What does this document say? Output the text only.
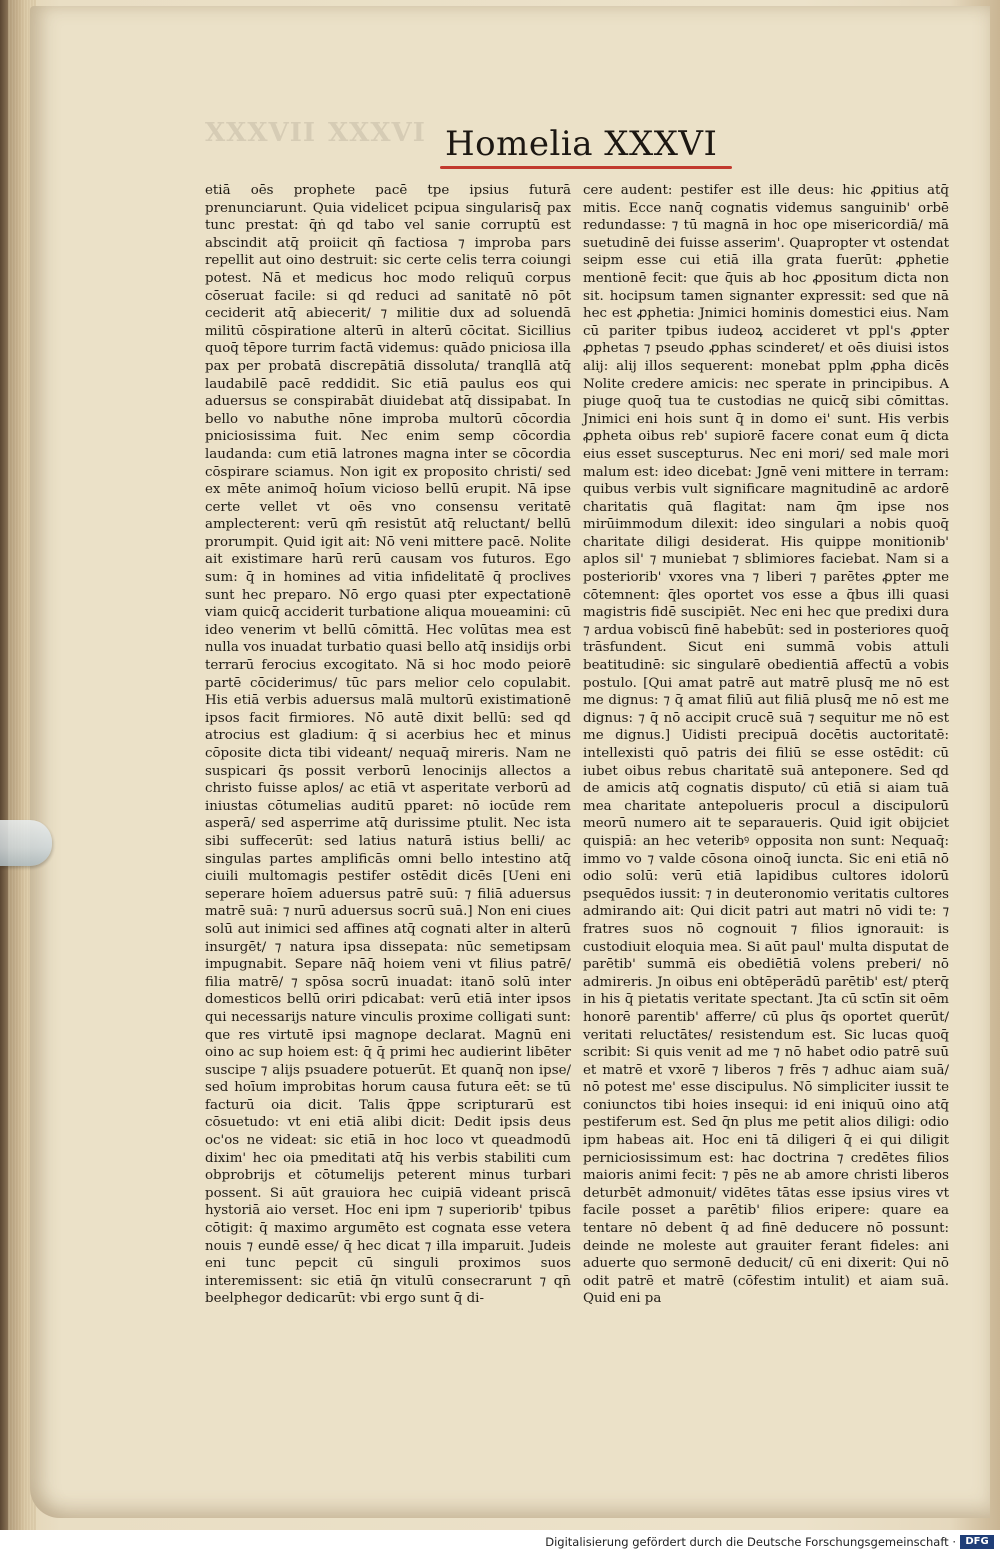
XXXVII XXXVI Homelia XXXVI

etiā oēs prophete pacē tpe ipsius futurā prenunciarunt. Quia videlicet pcipua singularisq̄ pax tunc prestat: q̄ṅ qd tabo vel sanie corruptū est abscindit atq̄ proiicit qn̄ factiosa ⁊ improba pars repellit aut oino destruit: sic certe celis terra coiungi potest. Nā et medicus hoc modo reliquū corpus cōseruat facile: si qd reduci ad sanitatē nō pōt ceciderit atq̄ abiecerit/ ⁊ militie dux ad soluendā militū cōspiratione alterū in alterū cōcitat. Sicillius quoq̄ tēpore turrim factā videmus: quādo pniciosa illa pax per probatā discrepātiā dissoluta/ tranqllā atq̄ laudabilē pacē reddidit. Sic etiā paulus eos qui aduersus se conspirabāt diuidebat atq̄ dissipabat. In bello vo nabuthe nōne improba multorū cōcordia pniciosissima fuit. Nec enim semp cōcordia laudanda: cum etiā latrones magna inter se cōcordia cōspirare sciamus. Non igit ex proposito christi/ sed ex mēte animoq̄ hoīum vicioso bellū erupit. Nā ipse certe vellet vt oēs vno consensu veritatē amplecterent: verū qm̄ resistūt atq̄ reluctant/ bellū prorumpit. Quid igit ait: Nō veni mittere pacē. Nolite ait existimare harū rerū causam vos futuros. Ego sum: q̄ in homines ad vitia infidelitatē q̄ proclives sunt hec preparo. Nō ergo quasi pter expectationē viam quicq̄ acciderit turbatione aliqua moueamini: cū ideo venerim vt bellū cōmittā. Hec volūtas mea est nulla vos inuadat turbatio quasi bello atq̄ insidijs orbi terrarū ferocius excogitato. Nā si hoc modo peiorē partē cōciderimus/ tūc pars melior celo copulabit. His etiā verbis aduersus malā multorū existimationē ipsos facit firmiores. Nō autē dixit bellū: sed qd atrocius est gladium: q̄ si acerbius hec et minus cōposite dicta tibi videant/ nequaq̄ mireris. Nam ne suspicari q̄s possit verborū lenocinijs allectos a christo fuisse aplos/ ac etiā vt asperitate verborū ad iniustas cōtumelias auditū pparet: nō iocūde rem asperā/ sed asperrime atq̄ durissime ptulit. Nec ista sibi suffecerūt: sed latius naturā istius belli/ ac singulas partes amplificās omni bello intestino atq̄ ciuili multomagis pestifer ostēdit dicēs [Ueni eni seperare hoīem aduersus patrē suū: ⁊ filiā aduersus matrē suā: ⁊ nurū aduersus socrū suā.] Non eni ciues solū aut inimici sed affines atq̄ cognati alter in alterū insurgēt/ ⁊ natura ipsa dissepata: nūc semetipsam impugnabit. Separe nāq̄ hoiem veni vt filius patrē/ filia matrē/ ⁊ spōsa socrū inuadat: itanō solū inter domesticos bellū oriri pdicabat: verū etiā inter ipsos qui necessarijs nature vinculis proxime colligati sunt: que res virtutē ipsi magnope declarat. Magnū eni oino ac sup hoiem est: q̄ q̄ primi hec audierint libēter suscipe ⁊ alijs psuadere potuerūt. Et quanq̄ non ipse/ sed hoīum improbitas horum causa futura eēt: se tū facturū oia dicit. Talis q̄ppe scripturarū est cōsuetudo: vt eni etiā alibi dicit: Dedit ipsis deus oc'os ne videat: sic etiā in hoc loco vt queadmodū dixim' hec oia pmeditati atq̄ his verbis stabiliti cum obprobrijs et cōtumelijs peterent minus turbari possent. Si aūt grauiora hec cuipiā videant priscā hystoriā aio verset. Hoc eni ipm ⁊ superiorib' tpibus cōtigit: q̄ maximo argumēto est cognata esse vetera nouis ⁊ eundē esse/ q̄ hec dicat ⁊ illa imparuit. Judeis eni tunc pepcit cū singuli proximos suos interemissent: sic etiā q̄n vitulū consecrarunt ⁊ qn̄ beelphegor dedicarūt: vbi ergo sunt q̄ di-

cere audent: pestifer est ille deus: hic ꝓpitius atq̄ mitis. Ecce nanq̄ cognatis videmus sanguinib' orbē redundasse: ⁊ tū magnā in hoc ope misericordiā/ mā suetudinē dei fuisse asserim'. Quapropter vt ostendat seipm esse cui etiā illa grata fuerūt: ꝓphetie mentionē fecit: que q̄uis ab hoc ꝓpositum dicta non sit. hocipsum tamen signanter expressit: sed que nā hec est ꝓphetia: Jnimici hominis domestici eius. Nam cū pariter tpibus iudeoꝝ accideret vt ppl's ꝓpter ꝓphetas ⁊ pseudo ꝓphas scinderet/ et oēs diuisi istos alij: alij illos sequerent: monebat pplm ꝓpha dicēs Nolite credere amicis: nec sperate in principibus. A piuge quoq̄ tua te custodias ne quicq̄ sibi cōmittas. Jnimici eni hois sunt q̄ in domo ei' sunt. His verbis ꝓpheta oibus reb' supiorē facere conat eum q̄ dicta eius esset suscepturus. Nec eni mori/ sed male mori malum est: ideo dicebat: Jgnē veni mittere in terram: quibus verbis vult significare magnitudinē ac ardorē charitatis quā flagitat: nam q̄m ipse nos mirūimmodum dilexit: ideo singulari a nobis quoq̄ charitate diligi desiderat. His quippe monitionib' aplos sil' ⁊ muniebat ⁊ sblimiores faciebat. Nam si a posteriorib' vxores vna ⁊ liberi ⁊ parētes ꝓpter me cōtemnent: q̄les oportet vos esse a q̄bus illi quasi magistris fidē suscipiēt. Nec eni hec que predixi dura ⁊ ardua vobiscū finē habebūt: sed in posteriores quoq̄ trāsfundent. Sicut eni summā vobis attuli beatitudinē: sic singularē obedientiā affectū a vobis postulo. [Qui amat patrē aut matrē plusq̄ me nō est me dignus: ⁊ q̄ amat filiū aut filiā plusq̄ me nō est me dignus: ⁊ q̄ nō accipit crucē suā ⁊ sequitur me nō est me dignus.] Uidisti precipuā docētis auctoritatē: intellexisti quō patris dei filiū se esse ostēdit: cū iubet oibus rebus charitatē suā anteponere. Sed qd de amicis atq̄ cognatis disputo/ cū etiā si aiam tuā mea charitate antepolueris procul a discipulorū meorū numero ait te separaueris. Quid igit obijciet quispiā: an hec veteribꝰ opposita non sunt: Nequaq̄: immo vo ⁊ valde cōsona oinoq̄ iuncta. Sic eni etiā nō odio solū: verū etiā lapidibus cultores idolorū psequēdos iussit: ⁊ in deuteronomio veritatis cultores admirando ait: Qui dicit patri aut matri nō vidi te: ⁊ fratres suos nō cognouit ⁊ filios ignorauit: is custodiuit eloquia mea. Si aūt paul' multa disputat de parētib' summā eis obediētiā volens preberi/ nō admireris. Jn oibus eni obtēperādū parētib' est/ pterq̄ in his q̄ pietatis veritate spectant. Jta cū sctīn sit oēm honorē parentib' afferre/ cū plus q̄s oportet querūt/ veritati reluctātes/ resistendum est. Sic lucas quoq̄ scribit: Si quis venit ad me ⁊ nō habet odio patrē suū et matrē et vxorē ⁊ liberos ⁊ frēs ⁊ adhuc aiam suā/ nō potest me' esse discipulus. Nō simpliciter iussit te coniunctos tibi hoies insequi: id eni iniquū oino atq̄ pestiferum est. Sed q̄n plus me petit alios diligi: odio ipm habeas ait. Hoc eni tā diligeri q̄ ei qui diligit perniciosissimum est: hac doctrina ⁊ credētes filios maioris animi fecit: ⁊ pēs ne ab amore christi liberos deturbēt admonuit/ vidētes tātas esse ipsius vires vt facile posset a parētib' filios eripere: quare ea tentare nō debent q̄ ad finē deducere nō possunt: deinde ne moleste aut grauiter ferant fideles: ani aduerte quo sermonē deducit/ cū eni dixerit: Qui nō odit patrē et matrē (cōfestim intulit) et aiam suā. Quid eni pa

Digitalisierung gefördert durch die Deutsche Forschungsgemeinschaft · DFG
